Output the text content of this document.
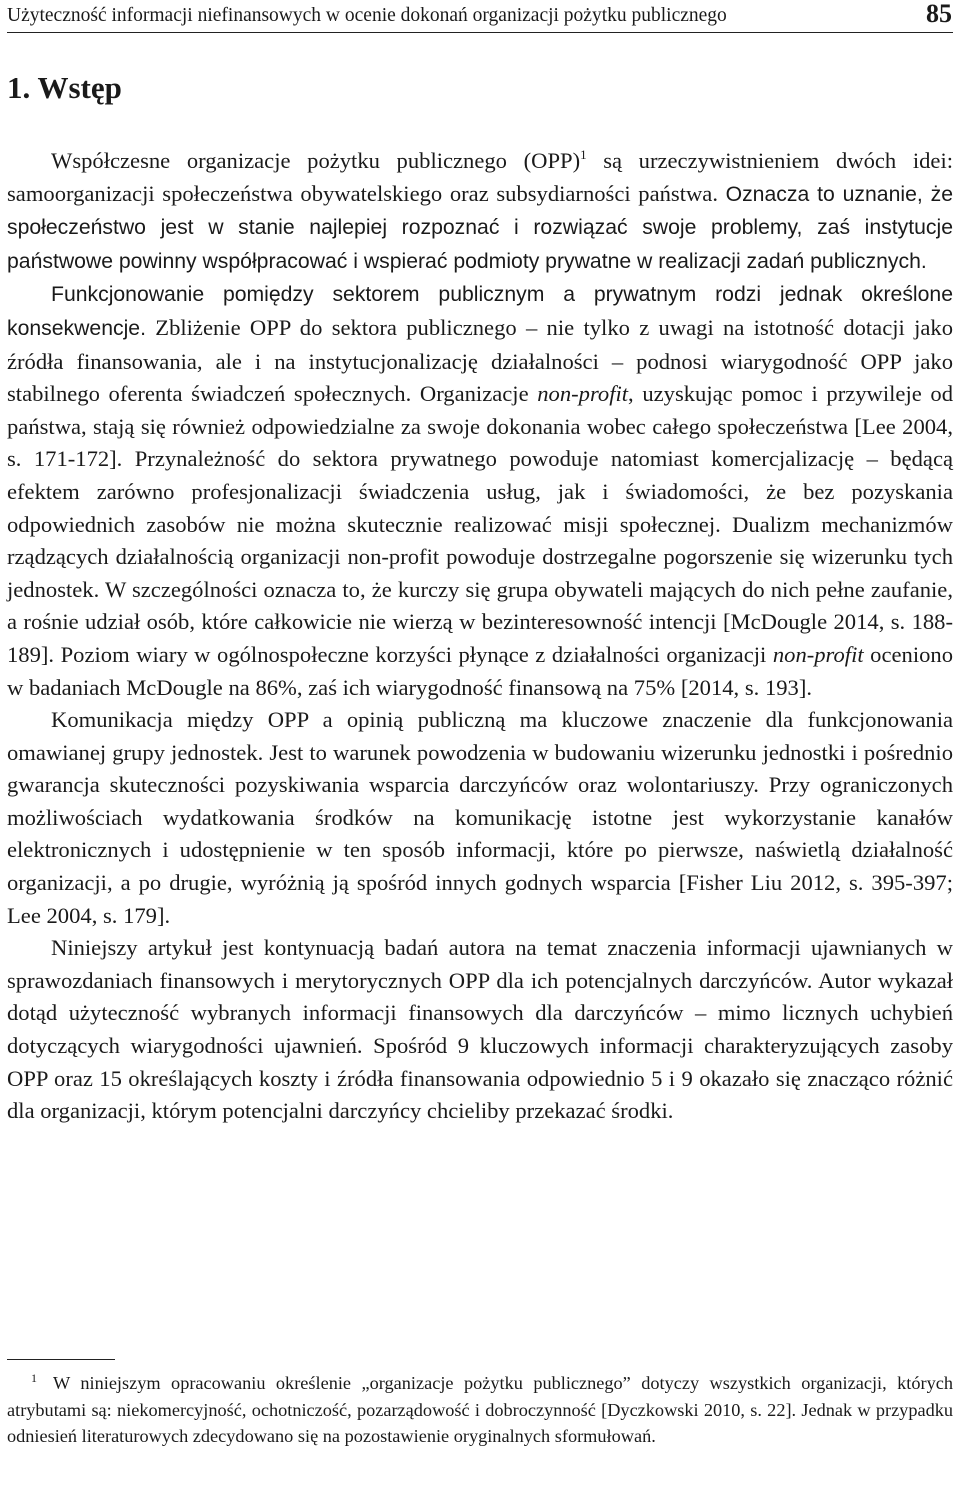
Użyteczność informacji niefinansowych w ocenie dokonań organizacji pożytku publicznego	85
1. Wstęp

Współczesne organizacje pożytku publicznego (OPP)$^1$ są urzeczywistnieniem dwóch idei: samoorganizacji społeczeństwa obywatelskiego oraz subsydiarności państwa. Oznacza to uznanie, że społeczeństwo jest w stanie najlepiej rozpoznać i rozwiązać swoje problemy, zaś instytucje państwowe powinny współpracować i wspierać podmioty prywatne w realizacji zadań publicznych.

Funkcjonowanie pomiędzy sektorem publicznym a prywatnym rodzi jednak określone konsekwencje. Zbliżenie OPP do sektora publicznego – nie tylko z uwagi na istotność dotacji jako źródła finansowania, ale i na instytucjonalizację działalności – podnosi wiarygodność OPP jako stabilnego oferenta świadczeń społecznych. Organizacje non-profit, uzyskując pomoc i przywileje od państwa, stają się również odpowiedzialne za swoje dokonania wobec całego społeczeństwa [Lee 2004, s. 171-172]. Przynależność do sektora prywatnego powoduje natomiast komercjalizację – będącą efektem zarówno profesjonalizacji świadczenia usług, jak i świadomości, że bez pozyskania odpowiednich zasobów nie można skutecznie realizować misji społecznej. Dualizm mechanizmów rządzących działalnością organizacji non-profit powoduje dostrzegalne pogorszenie się wizerunku tych jednostek. W szczególności oznacza to, że kurczy się grupa obywateli mających do nich pełne zaufanie, a rośnie udział osób, które całkowicie nie wierzą w bezinteresowność intencji [McDougle 2014, s. 188-189]. Poziom wiary w ogólnospołeczne korzyści płynące z działalności organizacji non-profit oceniono w badaniach McDougle na 86%, zaś ich wiarygodność finansową na 75% [2014, s. 193].

Komunikacja między OPP a opinią publiczną ma kluczowe znaczenie dla funkcjonowania omawianej grupy jednostek. Jest to warunek powodzenia w budowaniu wizerunku jednostki i pośrednio gwarancja skuteczności pozyskiwania wsparcia darczyńców oraz wolontariuszy. Przy ograniczonych możliwościach wydatkowania środków na komunikację istotne jest wykorzystanie kanałów elektronicznych i udostępnienie w ten sposób informacji, które po pierwsze, naświetlą działalność organizacji, a po drugie, wyróżnią ją spośród innych godnych wsparcia [Fisher Liu 2012, s. 395-397; Lee 2004, s. 179].

Niniejszy artykuł jest kontynuacją badań autora na temat znaczenia informacji ujawnianych w sprawozdaniach finansowych i merytorycznych OPP dla ich potencjalnych darczyńców. Autor wykazał dotąd użyteczność wybranych informacji finansowych dla darczyńców – mimo licznych uchybień dotyczących wiarygodności ujawnień. Spośród 9 kluczowych informacji charakteryzujących zasoby OPP oraz 15 określających koszty i źródła finansowania odpowiednio 5 i 9 okazało się znacząco różnić dla organizacji, którym potencjalni darczyńcy chcieliby przekazać środki.

$^1$ W niniejszym opracowaniu określenie „organizacje pożytku publicznego” dotyczy wszystkich organizacji, których atrybutami są: niekomercyjność, ochotniczość, pozarządowość i dobroczynność [Dyczkowski 2010, s. 22]. Jednak w przypadku odniesień literaturowych zdecydowano się na pozostawienie oryginalnych sformułowań.
